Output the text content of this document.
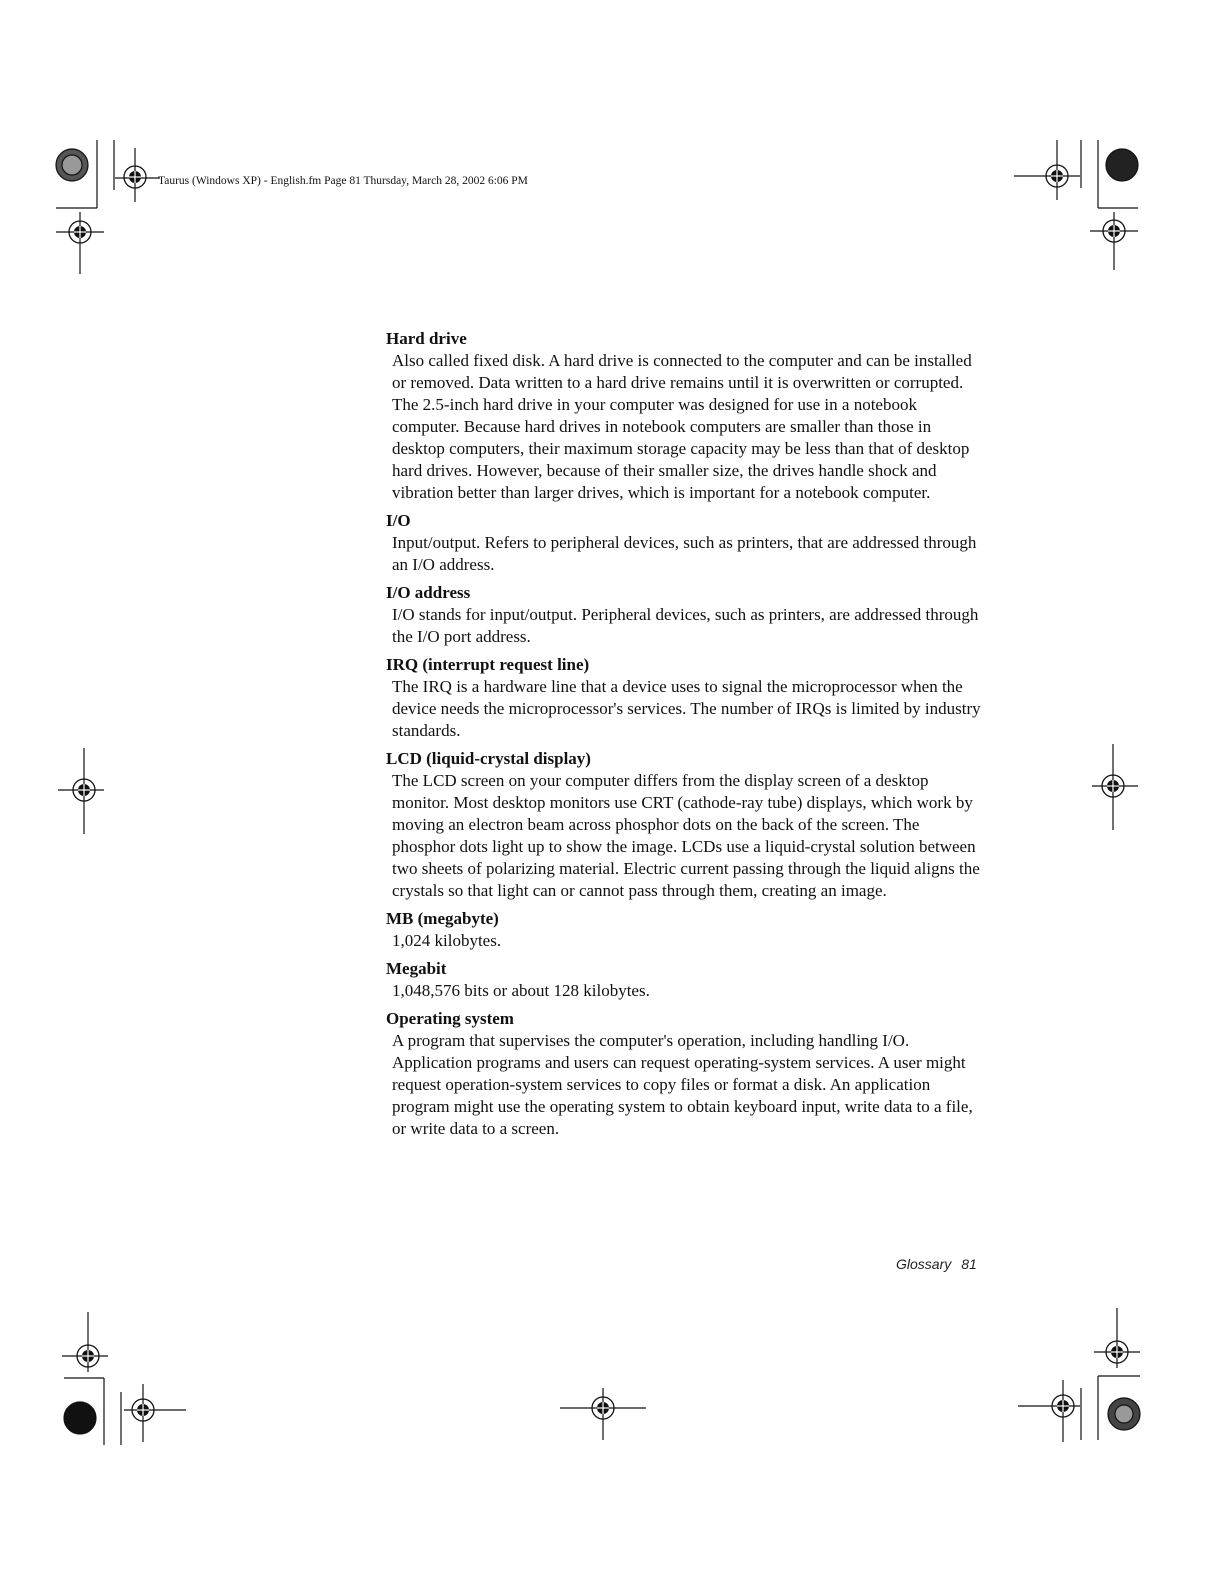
Taurus (Windows XP) - English.fm Page 81 Thursday, March 28, 2002 6:06 PM

Hard drive

Also called fixed disk. A hard drive is connected to the computer and can be installed or removed. Data written to a hard drive remains until it is overwritten or corrupted.

The 2.5-inch hard drive in your computer was designed for use in a notebook computer. Because hard drives in notebook computers are smaller than those in desktop computers, their maximum storage capacity may be less than that of desktop hard drives. However, because of their smaller size, the drives handle shock and vibration better than larger drives, which is important for a notebook computer.

I/O

Input/output. Refers to peripheral devices, such as printers, that are addressed through an I/O address.

I/O address

I/O stands for input/output. Peripheral devices, such as printers, are addressed through the I/O port address.

IRQ (interrupt request line)

The IRQ is a hardware line that a device uses to signal the microprocessor when the device needs the microprocessor's services. The number of IRQs is limited by industry standards.

LCD (liquid-crystal display)

The LCD screen on your computer differs from the display screen of a desktop monitor. Most desktop monitors use CRT (cathode-ray tube) displays, which work by moving an electron beam across phosphor dots on the back of the screen. The phosphor dots light up to show the image. LCDs use a liquid-crystal solution between two sheets of polarizing material. Electric current passing through the liquid aligns the crystals so that light can or cannot pass through them, creating an image.

MB (megabyte)

1,024 kilobytes.

Megabit

1,048,576 bits or about 128 kilobytes.

Operating system

A program that supervises the computer's operation, including handling I/O. Application programs and users can request operating-system services. A user might request operation-system services to copy files or format a disk. An application program might use the operating system to obtain keyboard input, write data to a file, or write data to a screen.

Glossary 81
